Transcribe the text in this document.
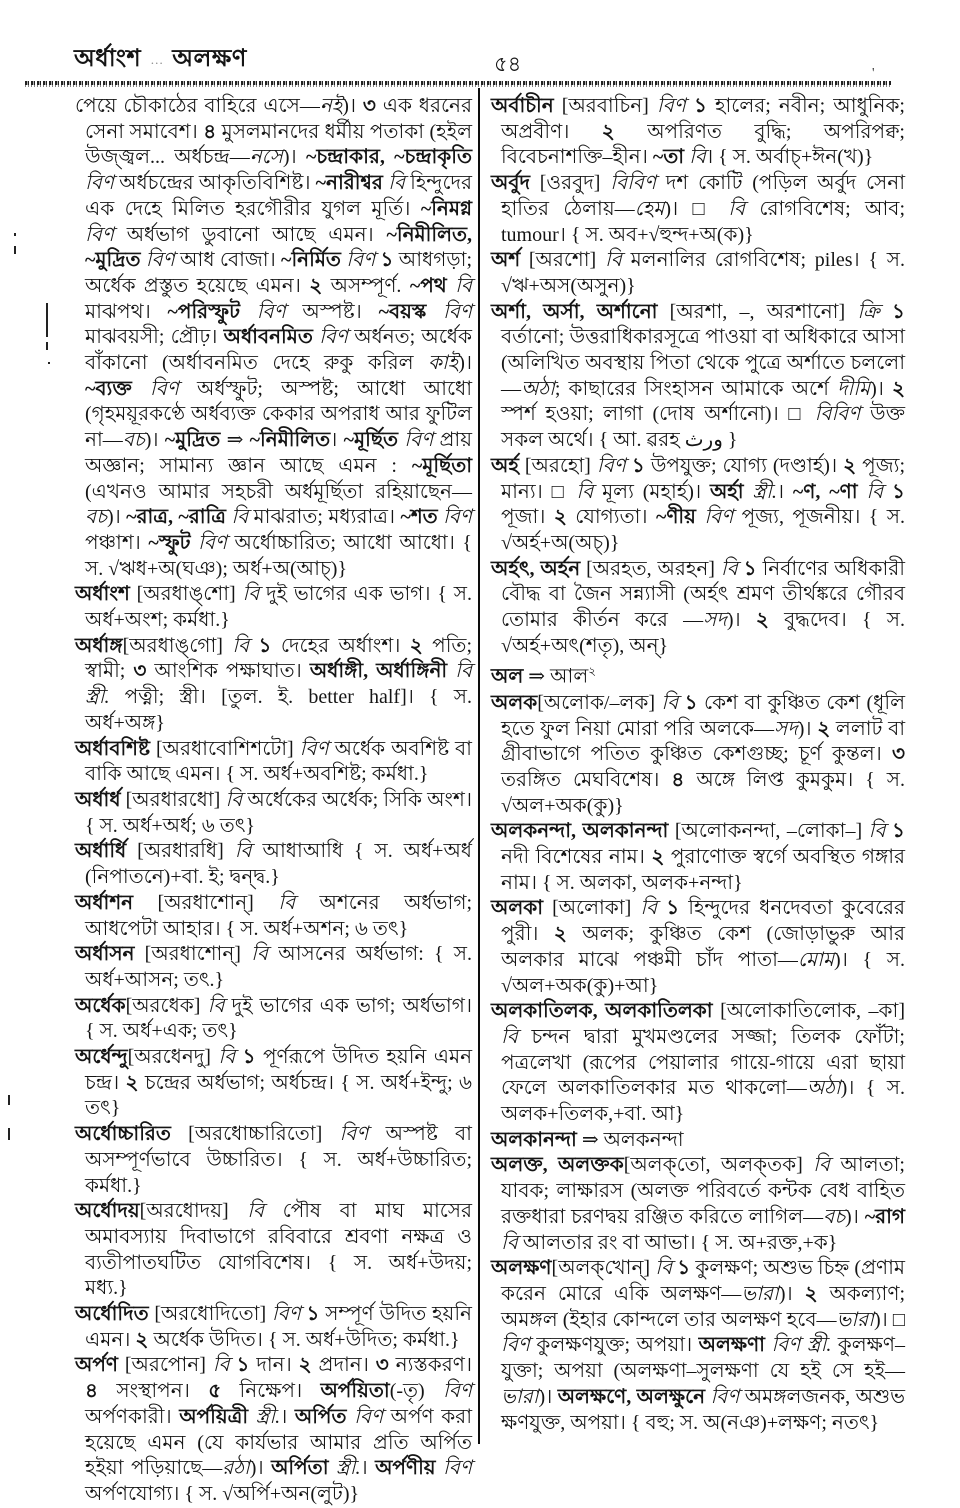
অর্ধাংশ … অলক্ষণ	৫৪	'

পেয়ে চৌকাঠের বাহিরে এসে—নই)। ৩ এক ধরনের সেনা সমাবেশ। ৪ মুসলমানদের ধর্মীয় পতাকা (হইল উজ্জ্বল... অর্ধচন্দ্র—নসে)। ~চন্দ্রাকার, ~চন্দ্রাকৃতি বিণ অর্ধচন্দ্রের আকৃতিবিশিষ্ট। ~নারীশ্বর বি হিন্দুদের এক দেহে মিলিত হরগৌরীর যুগল মূর্তি। ~নিমগ্ন বিণ অর্ধভাগ ডুবানো আছে এমন। ~নিমীলিত, ~মুদ্রিত বিণ আধ বোজা। ~নির্মিত বিণ ১ আধগড়া; অর্ধেক প্রস্তুত হয়েছে এমন। ২ অসম্পূর্ণ. ~পথ বি মাঝপথ। ~পরিস্ফুট বিণ অস্পষ্ট। ~বয়স্ক বিণ মাঝবয়সী; প্রৌঢ়। অর্ধাবনমিত বিণ অর্ধনত; অর্ধেক বাঁকানো (অর্ধাবনমিত দেহে রুকু করিল কাই)। ~ব্যক্ত বিণ অর্ধস্ফুট; অস্পষ্ট; আধো আধো (গৃহময়ূরকণ্ঠে অর্ধব্যক্ত কেকার অপরাধ আর ফুটিল না—বচ)। ~মুদ্রিত ⇒ ~নিমীলিত। ~মূর্ছিত বিণ প্রায় অজ্ঞান; সামান্য জ্ঞান আছে এমন : ~মূর্ছিতা (এখনও আমার সহচরী অর্ধমূর্ছিতা রহিয়াছেন—বচ)। ~রাত্র, ~রাত্রি বি মাঝরাত; মধ্যরাত্র। ~শত বিণ পঞ্চাশ। ~স্ফুট বিণ অর্ধোচ্চারিত; আধো আধো। { স. √ঋধ+অ(ঘঞ); অর্ধ+অ(আচ্)}

অর্ধাংশ [অরধাঙ্‌শো] বি দুই ভাগের এক ভাগ। { স. অর্ধ+অংশ; কর্মধা.}

অর্ধাঙ্গ[অরধাঙ্‌গো] বি ১ দেহের অর্ধাংশ। ২ পতি; স্বামী; ৩ আংশিক পক্ষাঘাত। অর্ধাঙ্গী, অর্ধাঙ্গিনী বি স্ত্রী. পত্নী; স্ত্রী। [তুল. ই. better half]। { স. অর্ধ+অঙ্গ}

অর্ধাবশিষ্ট [অরধাবোশিশটো] বিণ অর্ধেক অবশিষ্ট বা বাকি আছে এমন। { স. অর্ধ+অবশিষ্ট; কর্মধা.}

অর্ধার্ধ [অরধারধো] বি অর্ধেকের অর্ধেক; সিকি অংশ। { স. অর্ধ+অর্ধ; ৬ তৎ}

অর্ধার্ধি [অরধারধি] বি আধাআধি { স. অর্ধ+অর্ধ (নিপাতনে)+বা. ই; দ্বন্দ্ব.}

অর্ধাশন [অরধাশোন্] বি অশনের অর্ধভাগ; আধপেটা আহার। { স. অর্ধ+অশন; ৬ তৎ}

অর্ধাসন [অরধাশোন্] বি আসনের অর্ধভাগ: { স. অর্ধ+আসন; তৎ.}

অর্ধেক[অরধেক] বি দুই ভাগের এক ভাগ; অর্ধভাগ। { স. অর্ধ+এক; তৎ}

অর্ধেন্দু[অরধেনদু] বি ১ পূর্ণরূপে উদিত হয়নি এমন চন্দ্র। ২ চন্দ্রের অর্ধভাগ; অর্ধচন্দ্র। { স. অর্ধ+ইন্দু; ৬ তৎ}

অর্ধোচ্চারিত [অরধোচ্চারিতো] বিণ অস্পষ্ট বা অসম্পূর্ণভাবে উচ্চারিত। { স. অর্ধ+উচ্চারিত; কর্মধা.}

অর্ধোদয়[অরধোদয়] বি পৌষ বা মাঘ মাসের অমাবস্যায় দিবাভাগে রবিবারে শ্রবণা নক্ষত্র ও ব্যতীপাতঘটিত যোগবিশেষ। { স. অর্ধ+উদয়; মধ্য.}

অর্ধোদিত [অরধোদিতো] বিণ ১ সম্পূর্ণ উদিত হয়নি এমন। ২ অর্ধেক উদিত। { স. অর্ধ+উদিত; কর্মধা.}

অর্পণ [অরপোন] বি ১ দান। ২ প্রদান। ৩ ন্যস্তকরণ। ৪ সংস্থাপন। ৫ নিক্ষেপ। অর্পয়িতা(-তৃ) বিণ অর্পণকারী। অর্পয়িত্রী স্ত্রী.। অর্পিত বিণ অর্পণ করা হয়েছে এমন (যে কার্যভার আমার প্রতি অর্পিত হইয়া পড়িয়াছে—রঠা)। অর্পিতা স্ত্রী.। অর্পণীয় বিণ অর্পণযোগ্য। { স. √অর্পি+অন(লুট)}

অর্বাচীন [অরবাচিন] বিণ ১ হালের; নবীন; আধুনিক; অপ্রবীণ। ২ অপরিণত বুদ্ধি; অপরিপক্ব; বিবেচনাশক্তি–হীন। ~তা বি। { স. অর্বাচ্+ঈন(খ)}

অর্বুদ [ওরবুদ] বিবিণ দশ কোটি (পড়িল অর্বুদ সেনা হাতির ঠেলায়—হেম)। □ বি রোগবিশেষ; আব; tumour। { স. অব+√হুন্দ+অ(ক)}

অর্শ [অরশো] বি মলনালির রোগবিশেষ; piles। { স. √ঋ+অস(অসুন)}

অর্শা, অর্সা, অর্শানো [অরশা, –, অরশানো] ক্রি ১ বর্তানো; উত্তরাধিকারসূত্রে পাওয়া বা অধিকারে আসা (অলিখিত অবস্থায় পিতা থেকে পুত্রে অর্শাতে চললো—অঠা; কাছারের সিংহাসন আমাকে অর্শে দীমি)। ২ স্পর্শ হওয়া; লাগা (দোষ অর্শানো)। □ বিবিণ উক্ত সকল অর্থে। { আ. ৱরহ ورث }

অর্হ [অরহো] বিণ ১ উপযুক্ত; যোগ্য (দণ্ডার্হ)। ২ পূজ্য; মান্য। □ বি মূল্য (মহার্হ)। অর্হা স্ত্রী.। ~ণ, ~ণা বি ১ পূজা। ২ যোগ্যতা। ~ণীয় বিণ পূজ্য, পূজনীয়। { স. √অর্হ+অ(অচ্)}

অর্হৎ, অর্হন [অরহত, অরহন] বি ১ নির্বাণের অধিকারী বৌদ্ধ বা জৈন সন্ন্যাসী (অর্হৎ শ্রমণ তীর্থঙ্করে গৌরব তোমার কীর্তন করে —সদ)। ২ বুদ্ধদেব। { স. √অর্হ+অৎ(শতৃ), অন্}

অল ⇒ আল$^২$

অলক[অলোক/–লক] বি ১ কেশ বা কুঞ্চিত কেশ (ধূলি হতে ফুল নিয়া মোরা পরি অলকে—সদ)। ২ ললাট বা গ্রীবাভাগে পতিত কুঞ্চিত কেশগুচ্ছ; চূর্ণ কুন্তল। ৩ তরঙ্গিত মেঘবিশেষ। ৪ অঙ্গে লিপ্ত কুমকুম। { স. √অল+অক(কু)}

অলকনন্দা, অলকানন্দা [অলোকনন্দা, –লোকা–] বি ১ নদী বিশেষের নাম। ২ পুরাণোক্ত স্বর্গে অবস্থিত গঙ্গার নাম। { স. অলকা, অলক+নন্দা}

অলকা [অলোকা] বি ১ হিন্দুদের ধনদেবতা কুবেরের পুরী। ২ অলক; কুঞ্চিত কেশ (জোড়াভুরু আর অলকার মাঝে পঞ্চমী চাঁদ পাতা—মোম)। { স. √অল+অক(কু)+আ}

অলকাতিলক, অলকাতিলকা [অলোকাতিলোক, –কা] বি চন্দন দ্বারা মুখমণ্ডলের সজ্জা; তিলক ফোঁটা; পত্রলেখা (রূপের পেয়ালার গায়ে-গায়ে এরা ছায়া ফেলে অলকাতিলকার মত থাকলো—অঠা)। { স. অলক+তিলক,+বা. আ}

অলকানন্দা ⇒ অলকনন্দা

অলক্ত, অলক্তক[অলক্‌তো, অলক্‌তক] বি আলতা; যাবক; লাক্ষারস (অলক্ত পরিবর্তে কন্টক বেধ বাহিত রক্তধারা চরণদ্বয় রঞ্জিত করিতে লাগিল—বচ)। ~রাগ বি আলতার রং বা আভা। { স. অ+রক্ত,+ক}

অলক্ষণ[অলক্‌খোন্] বি ১ কুলক্ষণ; অশুভ চিহ্ন (প্রণাম করেন মোরে একি অলক্ষণ—ভারা)। ২ অকল্যাণ; অমঙ্গল (ইহার কোন্দলে তার অলক্ষণ হবে—ভারা)। □ বিণ কুলক্ষণযুক্ত; অপয়া। অলক্ষণা বিণ স্ত্রী. কুলক্ষণ–যুক্তা; অপয়া (অলক্ষণা–সুলক্ষণা যে হই সে হই—ভারা)। অলক্ষণে, অলক্ষুনে বিণ অমঙ্গলজনক, অশুভ ক্ষণযুক্ত, অপয়া। { বহু; স. অ(নঞ)+লক্ষণ; নতৎ}
